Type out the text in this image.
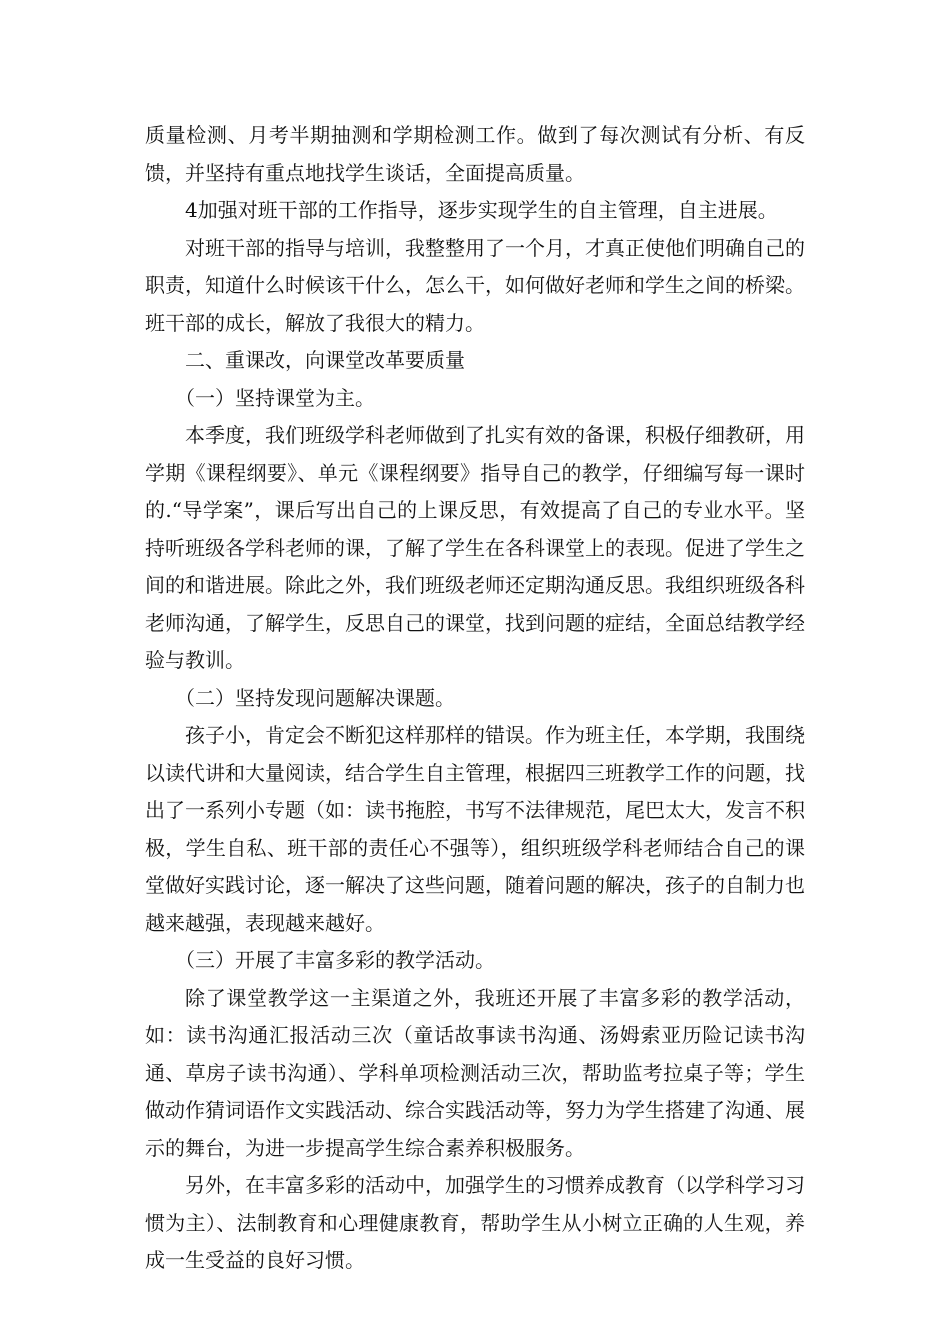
质量检测、月考半期抽测和学期检测工作。做到了每次测试有分析、有反馈，并坚持有重点地找学生谈话，全面提高质量。

4加强对班干部的工作指导，逐步实现学生的自主管理，自主进展。

对班干部的指导与培训，我整整用了一个月，才真正使他们明确自己的职责，知道什么时候该干什么，怎么干，如何做好老师和学生之间的桥梁。班干部的成长，解放了我很大的精力。

二、重课改，向课堂改革要质量

（一）坚持课堂为主。

本季度，我们班级学科老师做到了扎实有效的备课，积极仔细教研，用学期《课程纲要》、单元《课程纲要》指导自己的教学，仔细编写每一课时的.“导学案”，课后写出自己的上课反思，有效提高了自己的专业水平。坚持听班级各学科老师的课，了解了学生在各科课堂上的表现。促进了学生之间的和谐进展。除此之外，我们班级老师还定期沟通反思。我组织班级各科老师沟通，了解学生，反思自己的课堂，找到问题的症结，全面总结教学经验与教训。

（二）坚持发现问题解决课题。

孩子小，肯定会不断犯这样那样的错误。作为班主任，本学期，我围绕以读代讲和大量阅读，结合学生自主管理，根据四三班教学工作的问题，找出了一系列小专题（如：读书拖腔，书写不法律规范，尾巴太大，发言不积极，学生自私、班干部的责任心不强等），组织班级学科老师结合自己的课堂做好实践讨论，逐一解决了这些问题，随着问题的解决，孩子的自制力也越来越强，表现越来越好。

（三）开展了丰富多彩的教学活动。

除了课堂教学这一主渠道之外，我班还开展了丰富多彩的教学活动，如：读书沟通汇报活动三次（童话故事读书沟通、汤姆索亚历险记读书沟通、草房子读书沟通）、学科单项检测活动三次，帮助监考拉桌子等；学生做动作猜词语作文实践活动、综合实践活动等，努力为学生搭建了沟通、展示的舞台，为进一步提高学生综合素养积极服务。

另外，在丰富多彩的活动中，加强学生的习惯养成教育（以学科学习习惯为主）、法制教育和心理健康教育，帮助学生从小树立正确的人生观，养成一生受益的良好习惯。
